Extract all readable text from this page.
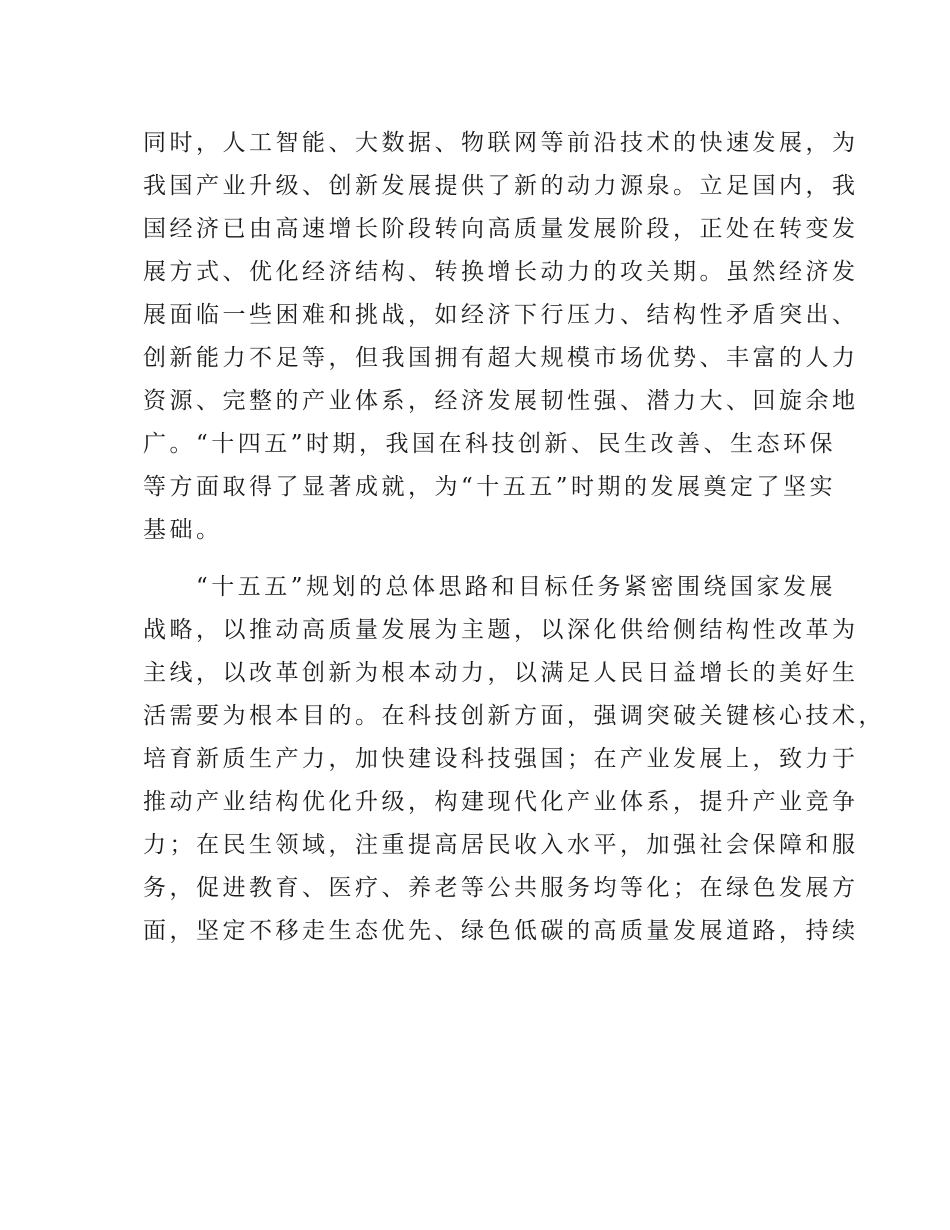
同时，人工智能、大数据、物联网等前沿技术的快速发展，为
我国产业升级、创新发展提供了新的动力源泉。立足国内，我
国经济已由高速增长阶段转向高质量发展阶段，正处在转变发
展方式、优化经济结构、转换增长动力的攻关期。虽然经济发
展面临一些困难和挑战，如经济下行压力、结构性矛盾突出、
创新能力不足等，但我国拥有超大规模市场优势、丰富的人力
资源、完整的产业体系，经济发展韧性强、潜力大、回旋余地
广。“十四五”时期，我国在科技创新、民生改善、生态环保
等方面取得了显著成就，为“十五五”时期的发展奠定了坚实
基础。
　　“十五五”规划的总体思路和目标任务紧密围绕国家发展
战略，以推动高质量发展为主题，以深化供给侧结构性改革为
主线，以改革创新为根本动力，以满足人民日益增长的美好生
活需要为根本目的。在科技创新方面，强调突破关键核心技术，
培育新质生产力，加快建设科技强国；在产业发展上，致力于
推动产业结构优化升级，构建现代化产业体系，提升产业竞争
力；在民生领域，注重提高居民收入水平，加强社会保障和服
务，促进教育、医疗、养老等公共服务均等化；在绿色发展方
面，坚定不移走生态优先、绿色低碳的高质量发展道路，持续
